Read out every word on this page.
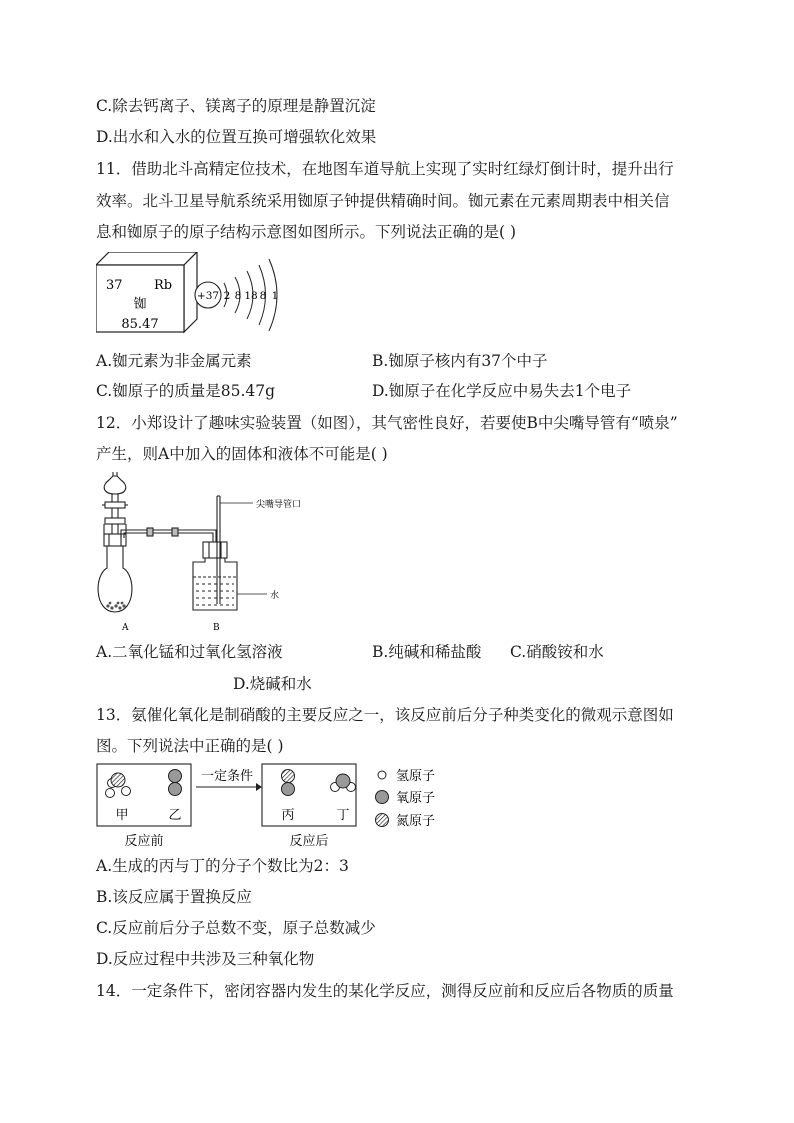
C.除去钙离子、镁离子的原理是静置沉淀
D.出水和入水的位置互换可增强软化效果
11．借助北斗高精定位技术，在地图车道导航上实现了实时红绿灯倒计时，提升出行
效率。北斗卫星导航系统采用铷原子钟提供精确时间。铷元素在元素周期表中相关信
息和铷原子的原子结构示意图如图所示。下列说法正确的是( )
37 Rb
铷
85.47
+37 2 8 18 8 1
A.铷元素为非金属元素	B.铷原子核内有37个中子
C.铷原子的质量是85.47g	D.铷原子在化学反应中易失去1个电子
12．小郑设计了趣味实验装置（如图），其气密性良好，若要使B中尖嘴导管有“喷泉”
产生，则A中加入的固体和液体不可能是( )
尖嘴导管口
水
A	B
A.二氧化锰和过氧化氢溶液	B.纯碱和稀盐酸 C.硝酸铵和水
D.烧碱和水
13．氨催化氧化是制硝酸的主要反应之一，该反应前后分子种类变化的微观示意图如
图。下列说法中正确的是( )
一定条件
甲	乙	丙	丁
反应前	反应后
氢原子
氧原子
氮原子
A.生成的丙与丁的分子个数比为2：3
B.该反应属于置换反应
C.反应前后分子总数不变，原子总数减少
D.反应过程中共涉及三种氧化物
14．一定条件下，密闭容器内发生的某化学反应，测得反应前和反应后各物质的质量
